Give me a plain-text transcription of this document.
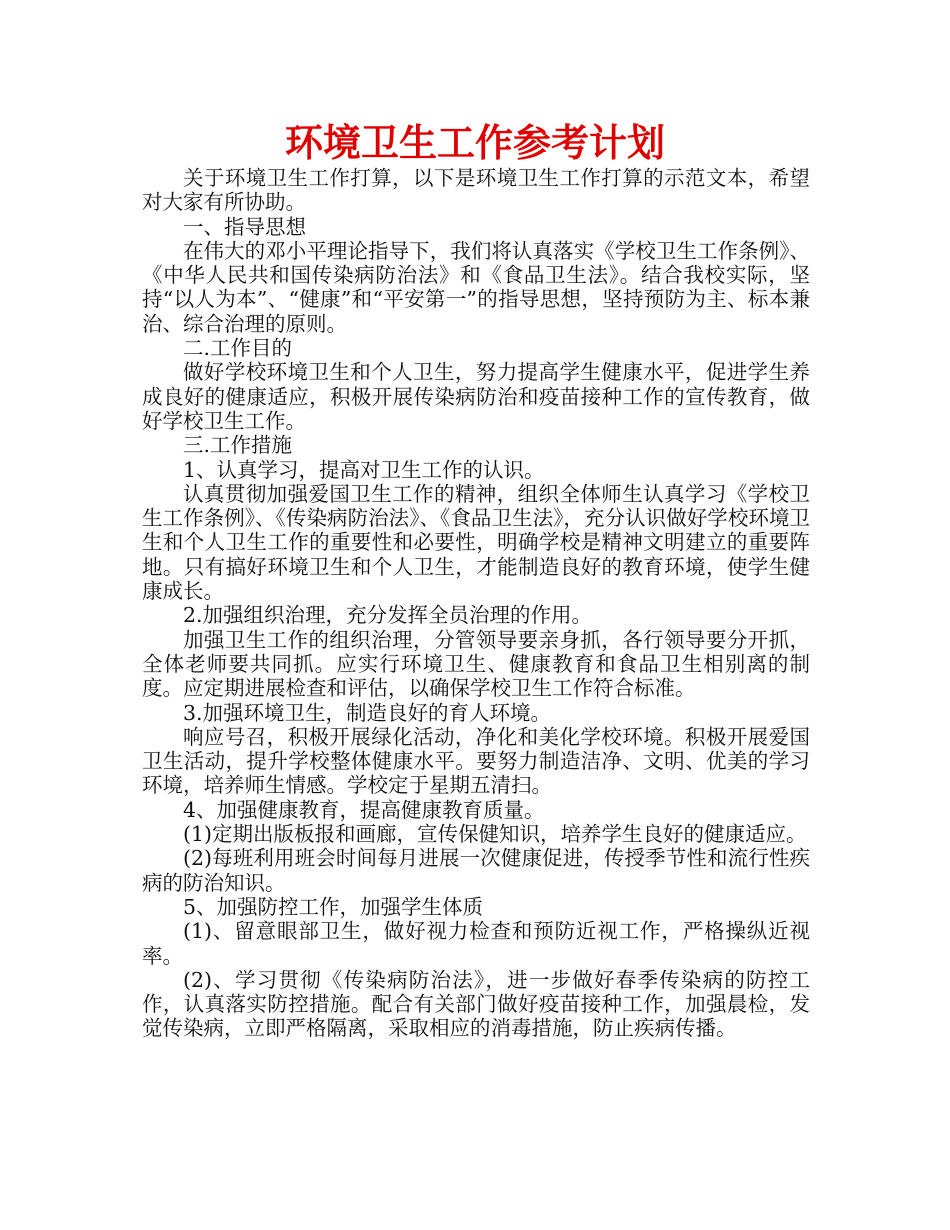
环境卫生工作参考计划

关于环境卫生工作打算，以下是环境卫生工作打算的示范文本，希望对大家有所协助。

一、指导思想

在伟大的邓小平理论指导下，我们将认真落实《学校卫生工作条例》、《中华人民共和国传染病防治法》和《食品卫生法》。结合我校实际，坚持“以人为本”、“健康”和“平安第一”的指导思想，坚持预防为主、标本兼治、综合治理的原则。

二.工作目的

做好学校环境卫生和个人卫生，努力提高学生健康水平，促进学生养成良好的健康适应，积极开展传染病防治和疫苗接种工作的宣传教育，做好学校卫生工作。

三.工作措施

1、认真学习，提高对卫生工作的认识。

认真贯彻加强爱国卫生工作的精神，组织全体师生认真学习《学校卫生工作条例》、《传染病防治法》、《食品卫生法》，充分认识做好学校环境卫生和个人卫生工作的重要性和必要性，明确学校是精神文明建立的重要阵地。只有搞好环境卫生和个人卫生，才能制造良好的教育环境，使学生健康成长。

2.加强组织治理，充分发挥全员治理的作用。

加强卫生工作的组织治理，分管领导要亲身抓，各行领导要分开抓，全体老师要共同抓。应实行环境卫生、健康教育和食品卫生相别离的制度。应定期进展检查和评估，以确保学校卫生工作符合标准。

3.加强环境卫生，制造良好的育人环境。

响应号召，积极开展绿化活动，净化和美化学校环境。积极开展爱国卫生活动，提升学校整体健康水平。要努力制造洁净、文明、优美的学习环境，培养师生情感。学校定于星期五清扫。

4、加强健康教育，提高健康教育质量。

(1)定期出版板报和画廊，宣传保健知识，培养学生良好的健康适应。

(2)每班利用班会时间每月进展一次健康促进，传授季节性和流行性疾病的防治知识。

5、加强防控工作，加强学生体质

(1)、留意眼部卫生，做好视力检查和预防近视工作，严格操纵近视率。

(2)、学习贯彻《传染病防治法》，进一步做好春季传染病的防控工作，认真落实防控措施。配合有关部门做好疫苗接种工作，加强晨检，发觉传染病，立即严格隔离，采取相应的消毒措施，防止疾病传播。
